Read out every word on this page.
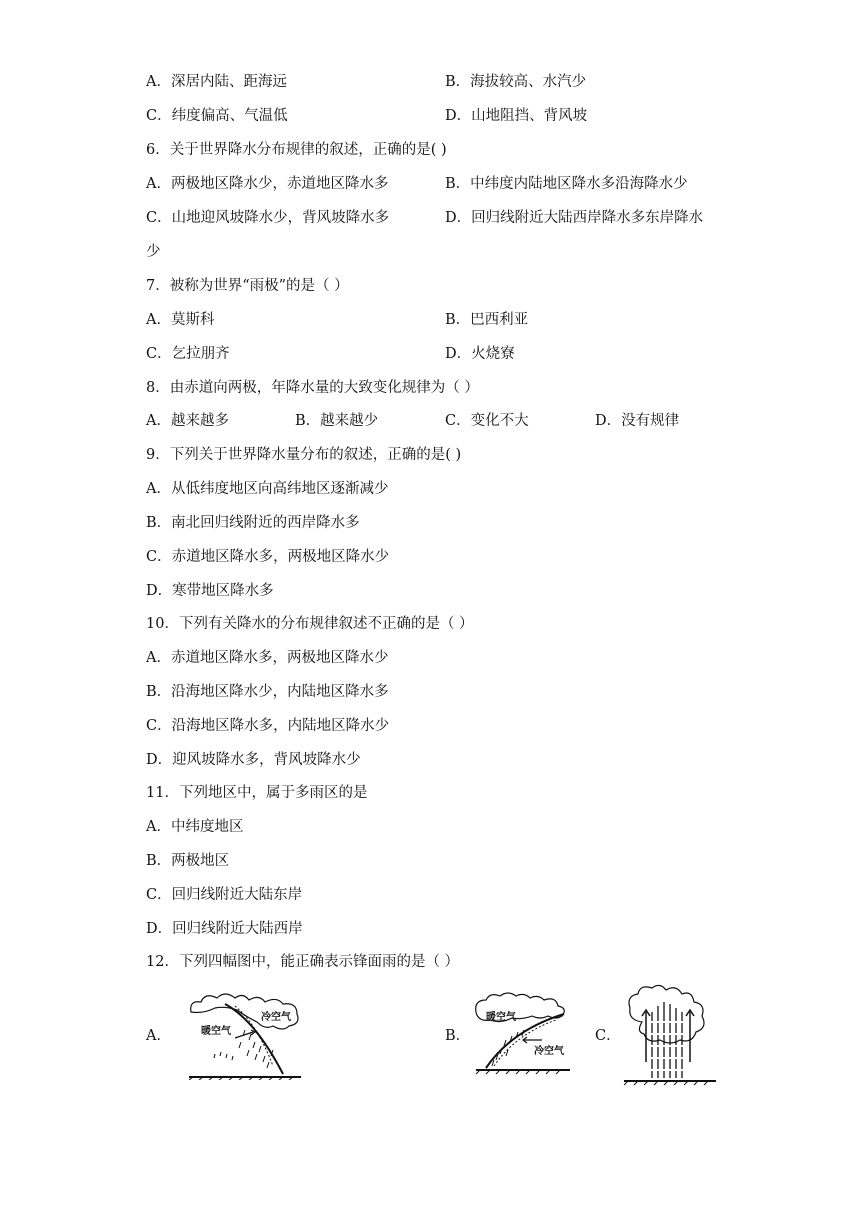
A．深居内陆、距海远	B．海拔较高、水汽少
C．纬度偏高、气温低	D．山地阻挡、背风坡
6．关于世界降水分布规律的叙述，正确的是( )
A．两极地区降水少，赤道地区降水多	B．中纬度内陆地区降水多沿海降水少
C．山地迎风坡降水少，背风坡降水多	D．回归线附近大陆西岸降水多东岸降水
少
7．被称为世界“雨极”的是（ ）
A．莫斯科	B．巴西利亚
C．乞拉朋齐	D．火烧寮
8．由赤道向两极，年降水量的大致变化规律为（ ）
A．越来越多	B．越来越少	C．变化不大	D．没有规律
9．下列关于世界降水量分布的叙述，正确的是( )
A．从低纬度地区向高纬地区逐渐减少
B．南北回归线附近的西岸降水多
C．赤道地区降水多，两极地区降水少
D．寒带地区降水多
10．下列有关降水的分布规律叙述不正确的是（ ）
A．赤道地区降水多，两极地区降水少
B．沿海地区降水少，内陆地区降水多
C．沿海地区降水多，内陆地区降水少
D．迎风坡降水多，背风坡降水少
11．下列地区中，属于多雨区的是
A．中纬度地区
B．两极地区
C．回归线附近大陆东岸
D．回归线附近大陆西岸
12．下列四幅图中，能正确表示锋面雨的是（ ）
A．	B．	C．
冷空气
暖空气
暖空气
冷空气
